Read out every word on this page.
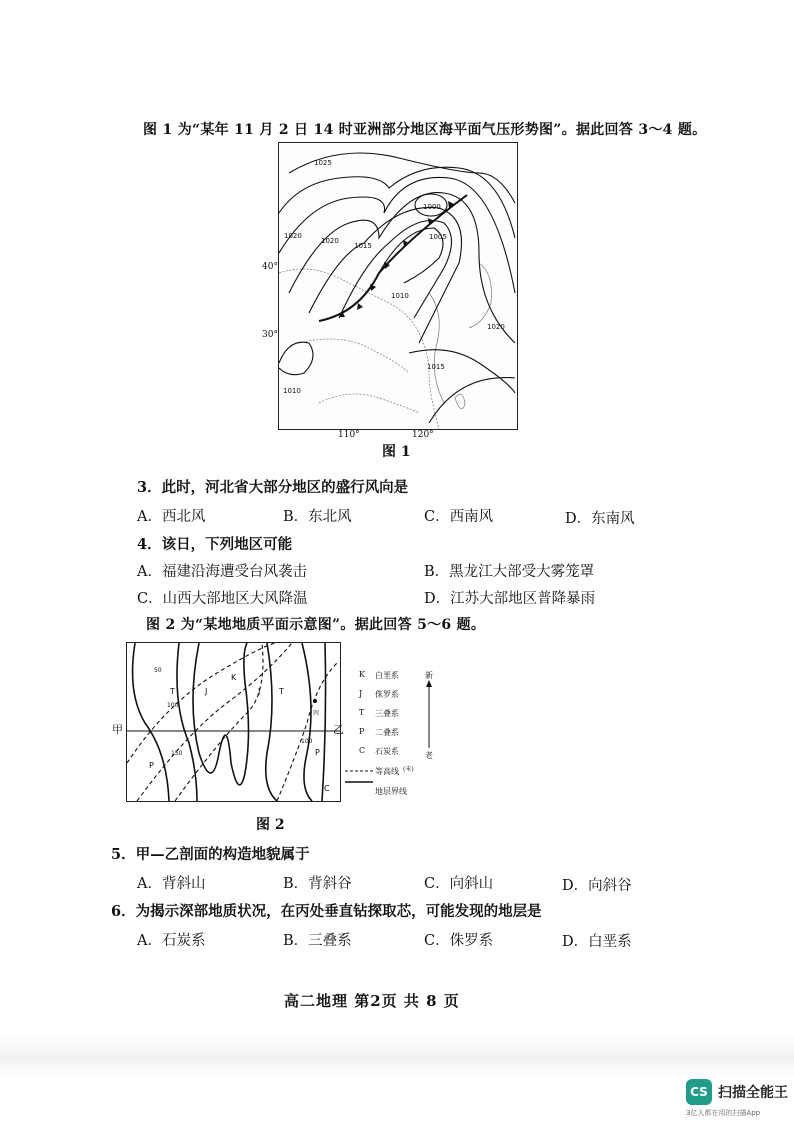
图 1 为“某年 11 月 2 日 14 时亚洲部分地区海平面气压形势图”。据此回答 3～4 题。
1025
1020
1020
1015
1010
1005
1000
1020
1015
1010
40°
30°
110°	120°
图 1
3．此时，河北省大部分地区的盛行风向是
A．西北风	B．东北风	C．西南风	D．东南风
4．该日，下列地区可能
A．福建沿海遭受台风袭击	B．黑龙江大部受大雾笼罩
C．山西大部地区大风降温	D．江苏大部地区普降暴雨
图 2 为“某地地质平面示意图”。据此回答 5～6 题。
T	J
K
J T
P
P
C
丙
50
100
150
100
甲	乙
K 白垩系
J 侏罗系
T 三叠系
P 二叠系
C 石炭系
等高线 (米)
地层界线
新
老
图 2
5．甲—乙剖面的构造地貌属于
A．背斜山	B．背斜谷	C．向斜山	D．向斜谷
6．为揭示深部地质状况，在丙处垂直钻探取芯，可能发现的地层是
A．石炭系	B．三叠系	C．侏罗系	D．白垩系
高二地理 第2页 共 8 页
CS 扫描全能王
3亿人都在用的扫描App
